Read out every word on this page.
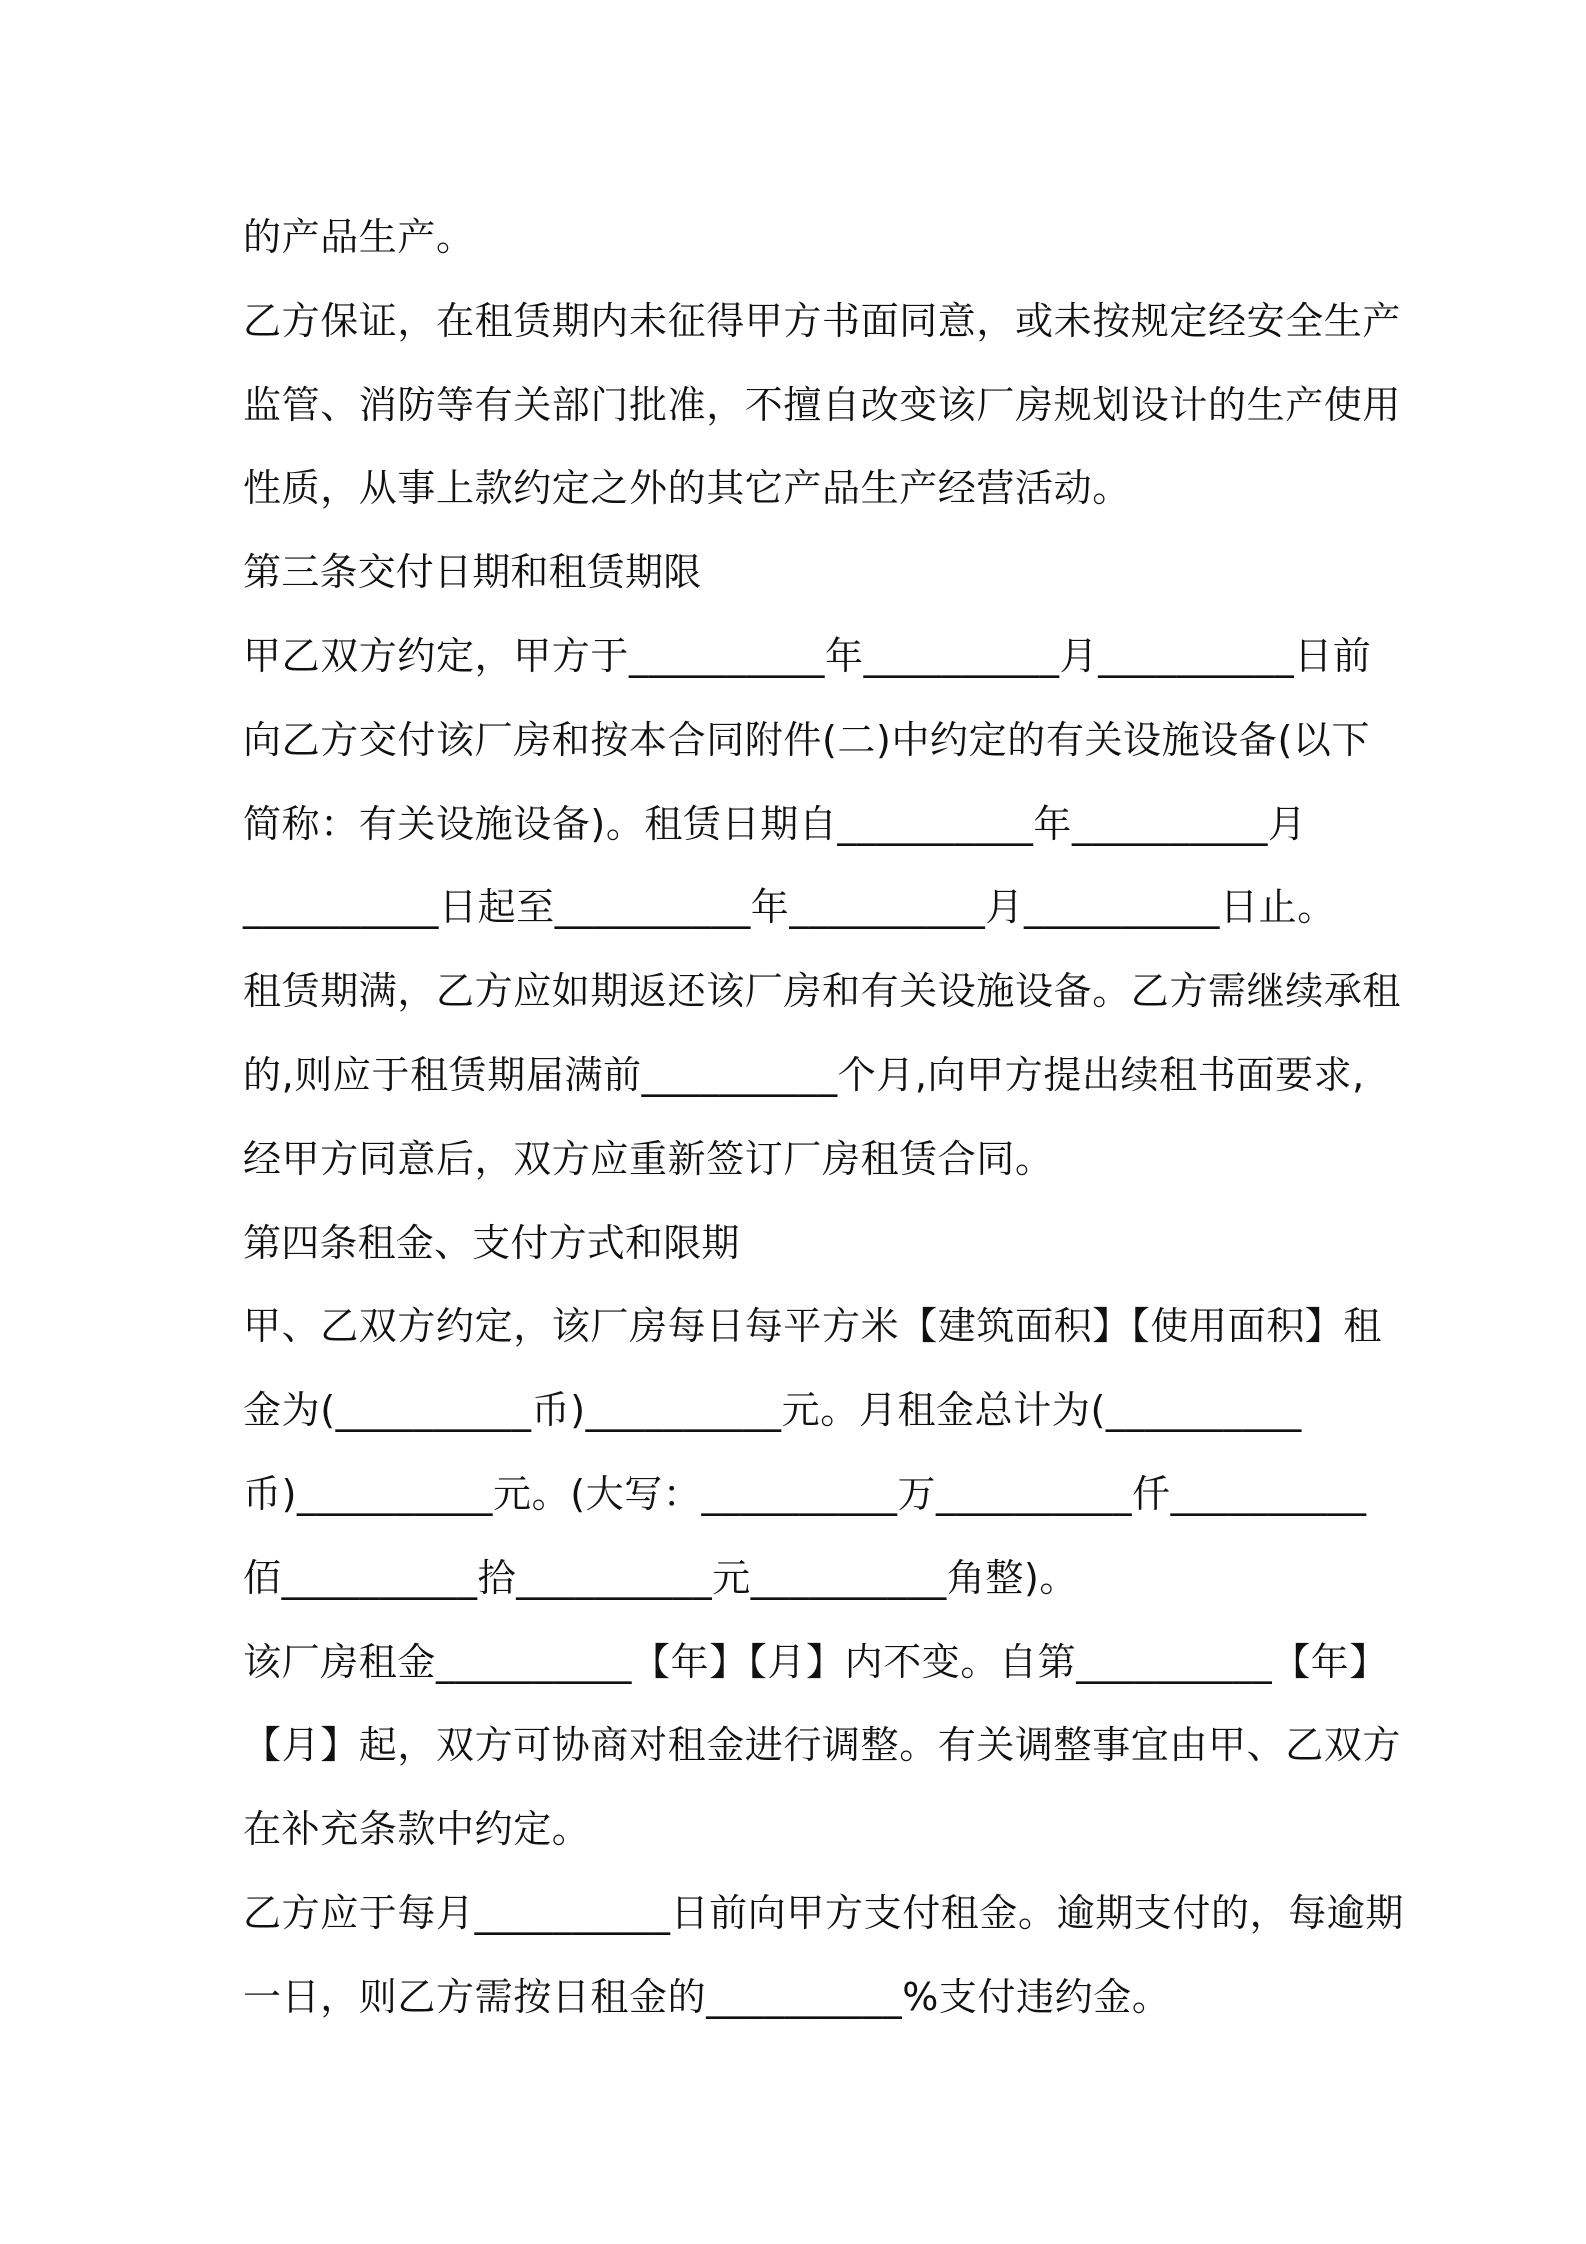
的产品生产。
乙方保证，在租赁期内未征得甲方书面同意，或未按规定经安全生产
监管、消防等有关部门批准，不擅自改变该厂房规划设计的生产使用
性质，从事上款约定之外的其它产品生产经营活动。
第三条交付日期和租赁期限
甲乙双方约定，甲方于__________年__________月__________日前
向乙方交付该厂房和按本合同附件(二)中约定的有关设施设备(以下
简称：有关设施设备)。租赁日期自__________年__________月
__________日起至__________年__________月__________日止。
租赁期满，乙方应如期返还该厂房和有关设施设备。乙方需继续承租
的,则应于租赁期届满前__________个月,向甲方提出续租书面要求,
经甲方同意后，双方应重新签订厂房租赁合同。
第四条租金、支付方式和限期
甲、乙双方约定，该厂房每日每平方米【建筑面积】【使用面积】租
金为(__________币)__________元。月租金总计为(__________
币)__________元。(大写：__________万__________仟__________
佰__________拾__________元__________角整)。
该厂房租金__________【年】【月】内不变。自第__________【年】
【月】起，双方可协商对租金进行调整。有关调整事宜由甲、乙双方
在补充条款中约定。
乙方应于每月__________日前向甲方支付租金。逾期支付的，每逾期
一日，则乙方需按日租金的__________%支付违约金。
